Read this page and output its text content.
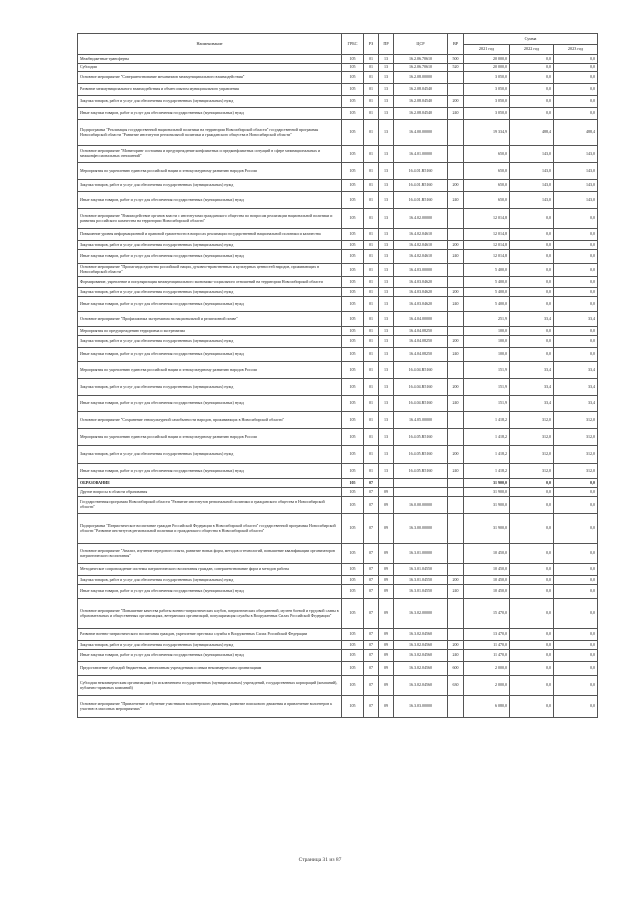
Наименование	ГРБС	РЗ	ПР	ЦСР	ВР	Сумма		
						2021 год	2022 год	2023 год
Межбюджетные трансферты	105	01	13	16.2.06.70610	500	20 000,0	0,0	0,0
Субсидии	105	01	13	16.2.06.70610	520	20 000,0	0,0	0,0
Основное мероприятие "Совершенствование механизмов межмуниципального взаимодействия"	105	01	13	16.2.08.00000		3 050,0	0,0	0,0
Развитие межмуниципального взаимодействия и обмен опытом муниципального управления	105	01	13	16.2.08.04540		3 050,0	0,0	0,0
Закупка товаров, работ и услуг для обеспечения государственных (муниципальных) нужд	105	01	13	16.2.08.04540	200	3 050,0	0,0	0,0
Иные закупки товаров, работ и услуг для обеспечения государственных (муниципальных) нужд	105	01	13	16.2.08.04540	240	3 050,0	0,0	0,0
Подпрограмма "Реализация государственной национальной политики на территории Новосибирской области" государственной программы Новосибирской области "Развитие институтов региональной политики и гражданского общества в Новосибирской области"	105	01	13	16.4.00.00000		19 334,9	488,4	488,4
Основное мероприятие "Мониторинг состояния и предупреждение конфликтных и предконфликтных ситуаций в сфере межнациональных и межконфессиональных отношений"	105	01	13	16.4.01.00000		650,0	143,0	143,0
Мероприятия по укреплению единства российской нации и этнокультурному развитию народов России	105	01	13	16.4.01.R5160		650,0	143,0	143,0
Закупка товаров, работ и услуг для обеспечения государственных (муниципальных) нужд	105	01	13	16.4.01.R5160	200	650,0	143,0	143,0
Иные закупки товаров, работ и услуг для обеспечения государственных (муниципальных) нужд	105	01	13	16.4.01.R5160	240	650,0	143,0	143,0
Основное мероприятие "Взаимодействие органов власти с институтами гражданского общества по вопросам реализации национальной политики и развития российского казачества на территории Новосибирской области"	105	01	13	16.4.02.00000		12 014,8	0,0	0,0
Повышение уровня информационной и правовой грамотности в вопросах реализации государственной национальной политики и казачества	105	01	13	16.4.02.04610		12 014,8	0,0	0,0
Закупка товаров, работ и услуг для обеспечения государственных (муниципальных) нужд	105	01	13	16.4.02.04610	200	12 014,8	0,0	0,0
Иные закупки товаров, работ и услуг для обеспечения государственных (муниципальных) нужд	105	01	13	16.4.02.04610	240	12 014,8	0,0	0,0
Основное мероприятие "Пропаганда единства российской нации, духовно-нравственных и культурных ценностей народов, проживающих в Новосибирской области"	105	01	13	16.4.03.00000		5 400,0	0,0	0,0
Формирование, укрепление и популяризация межмуниципального экономико-социального отношений на территории Новосибирской области	105	01	13	16.4.03.04620		5 400,0	0,0	0,0
Закупка товаров, работ и услуг для обеспечения государственных (муниципальных) нужд	105	01	13	16.4.03.04620	200	5 400,0	0,0	0,0
Иные закупки товаров, работ и услуг для обеспечения государственных (муниципальных) нужд	105	01	13	16.4.03.04620	240	5 400,0	0,0	0,0
Основное мероприятие "Профилактика экстремизма на национальной и религиозной почве"	105	01	13	16.4.04.00000		251,9	33,4	33,4
Мероприятия по предупреждению терроризма и экстремизма	105	01	13	16.4.04.08250		100,0	0,0	0,0
Закупка товаров, работ и услуг для обеспечения государственных (муниципальных) нужд	105	01	13	16.4.04.08250	200	100,0	0,0	0,0
Иные закупки товаров, работ и услуг для обеспечения государственных (муниципальных) нужд	105	01	13	16.4.04.08250	240	100,0	0,0	0,0
Мероприятия по укреплению единства российской нации и этнокультурному развитию народов России	105	01	13	16.4.04.R5160		151,9	33,4	33,4
Закупка товаров, работ и услуг для обеспечения государственных (муниципальных) нужд	105	01	13	16.4.04.R5160	200	151,9	33,4	33,4
Иные закупки товаров, работ и услуг для обеспечения государственных (муниципальных) нужд	105	01	13	16.4.04.R5160	240	151,9	33,4	33,4
Основное мероприятие "Сохранение этнокультурной самобытности народов, проживающих в Новосибирской области"	105	01	13	16.4.05.00000		1 418,2	312,0	312,0
Мероприятия по укреплению единства российской нации и этнокультурному развитию народов России	105	01	13	16.4.05.R5160		1 418,2	312,0	312,0
Закупка товаров, работ и услуг для обеспечения государственных (муниципальных) нужд	105	01	13	16.4.05.R5160	200	1 418,2	312,0	312,0
Иные закупки товаров, работ и услуг для обеспечения государственных (муниципальных) нужд	105	01	13	16.4.05.R5160	240	1 418,2	312,0	312,0
ОБРАЗОВАНИЕ	105	07				31 900,0	0,0	0,0
Другие вопросы в области образования	105	07	09			31 900,0	0,0	0,0
Государственная программа Новосибирской области "Развитие институтов региональной политики и гражданского общества в Новосибирской области"	105	07	09	16.0.00.00000		31 900,0	0,0	0,0
Подпрограмма "Патриотическое воспитание граждан Российской Федерации в Новосибирской области" государственной программы Новосибирской области "Развитие институтов региональной политики и гражданского общества в Новосибирской области"	105	07	09	16.3.00.00000		31 900,0	0,0	0,0
Основное мероприятие "Анализ, изучение передового опыта, развитие новых форм, методов и технологий, повышение квалификации организаторов патриотического воспитания"	105	07	09	16.3.01.00000		10 450,0	0,0	0,0
Методическое сопровождение системы патриотического воспитания граждан, совершенствование форм и методов работы	105	07	09	16.3.01.04550		10 450,0	0,0	0,0
Закупка товаров, работ и услуг для обеспечения государственных (муниципальных) нужд	105	07	09	16.3.01.04550	200	10 450,0	0,0	0,0
Иные закупки товаров, работ и услуг для обеспечения государственных (муниципальных) нужд	105	07	09	16.3.01.04550	240	10 450,0	0,0	0,0
Основное мероприятие "Повышение качества работы военно-патриотических клубов, патриотических объединений, музеев боевой и трудовой славы в образовательных и общественных организациях, ветеранских организаций, популяризация службы в Вооруженных Силах Российской Федерации"	105	07	09	16.3.02.00000		15 470,0	0,0	0,0
Развитие военно-патриотического воспитания граждан, укрепление престижа службы в Вооруженных Силах Российской Федерации	105	07	09	16.3.02.04560		13 470,0	0,0	0,0
Закупка товаров, работ и услуг для обеспечения государственных (муниципальных) нужд	105	07	09	16.3.02.04560	200	11 470,0	0,0	0,0
Иные закупки товаров, работ и услуг для обеспечения государственных (муниципальных) нужд	105	07	09	16.3.02.04560	240	11 470,0	0,0	0,0
Предоставление субсидий бюджетным, автономным учреждениям и иным некоммерческим организациям	105	07	09	16.3.02.04560	600	2 000,0	0,0	0,0
Субсидии некоммерческим организациям (за исключением государственных (муниципальных) учреждений, государственных корпораций (компаний), публично-правовых компаний)	105	07	09	16.3.02.04560	630	2 000,0	0,0	0,0
Основное мероприятие "Привлечение и обучение участников волонтерского движения, развитие поискового движения и привлечение волонтеров к участию в массовых мероприятиях"	105	07	09	16.3.03.00000		6 080,0	0,0	0,0
Страница 31 из 87
